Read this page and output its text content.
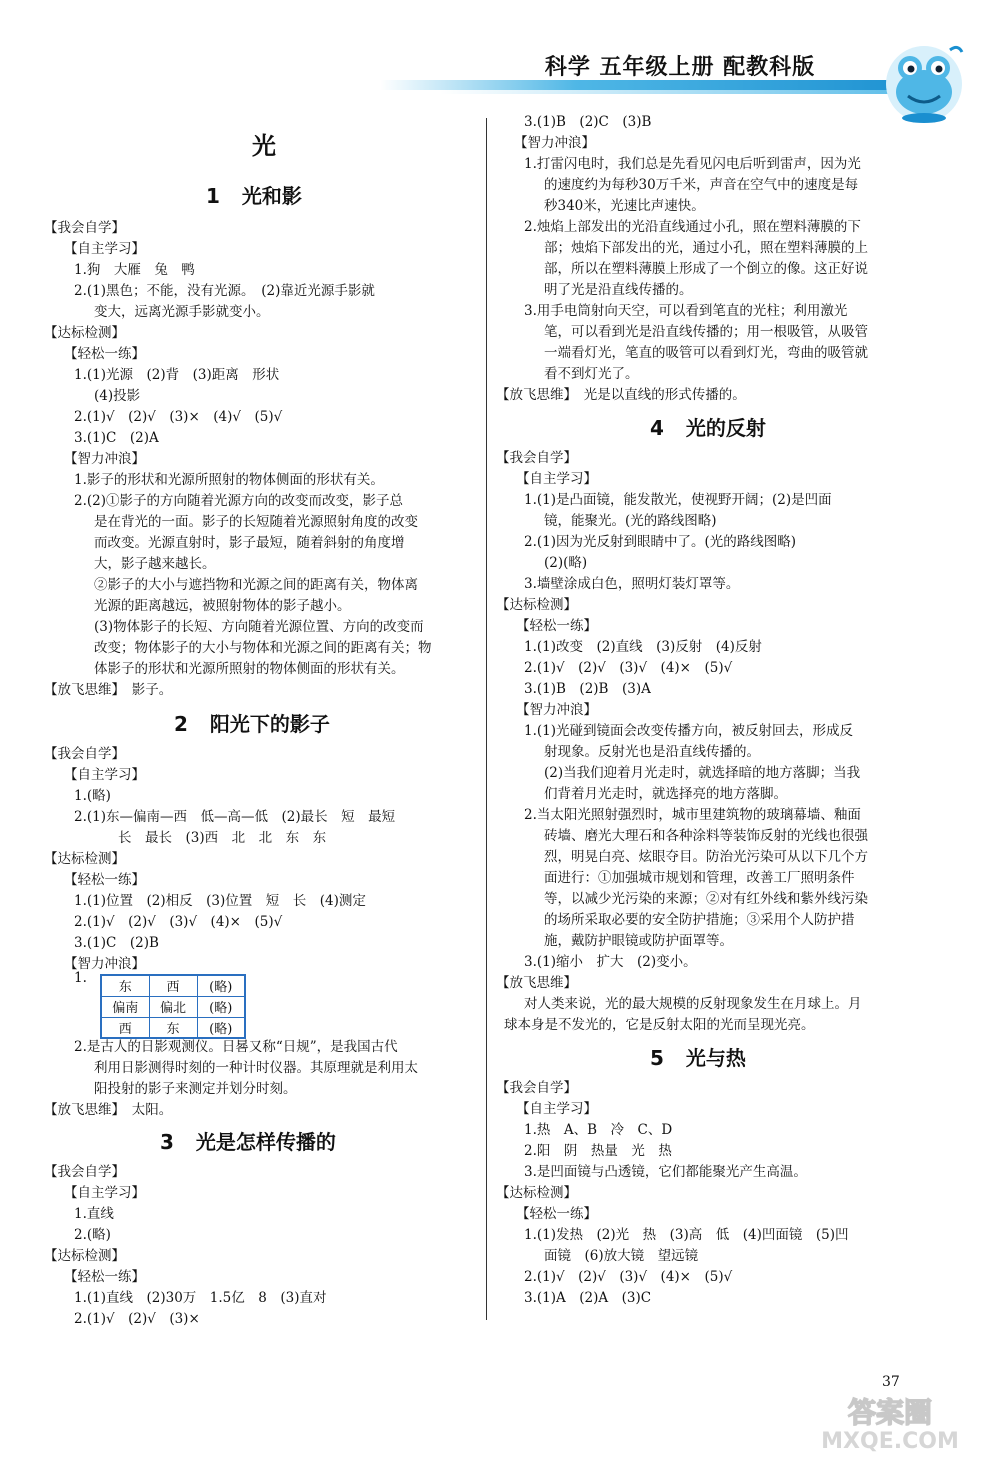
科学 五年级上册 配教科版
光
1 光和影
【我会自学】
【自主学习】
1.狗　大雁　兔　鸭
2.(1)黑色；不能，没有光源。　(2)靠近光源手影就
变大，远离光源手影就变小。
【达标检测】
【轻松一练】
1.(1)光源　(2)背　(3)距离　形状
(4)投影
2.(1)√　(2)√　(3)×　(4)√　(5)√
3.(1)C　(2)A
【智力冲浪】
1.影子的形状和光源所照射的物体侧面的形状有关。
2.(2)①影子的方向随着光源方向的改变而改变，影子总
是在背光的一面。影子的长短随着光源照射角度的改变
而改变。光源直射时，影子最短，随着斜射的角度增
大，影子越来越长。
②影子的大小与遮挡物和光源之间的距离有关，物体离
光源的距离越远，被照射物体的影子越小。
(3)物体影子的长短、方向随着光源位置、方向的改变而
改变；物体影子的大小与物体和光源之间的距离有关；物
体影子的形状和光源所照射的物体侧面的形状有关。
【放飞思维】　影子。
2 阳光下的影子
【我会自学】
【自主学习】
1.(略)
2.(1)东—偏南—西　低—高—低　(2)最长　短　最短
长　最长　(3)西　北　北　东　东
【达标检测】
【轻松一练】
1.(1)位置　(2)相反　(3)位置　短　长　(4)测定
2.(1)√　(2)√　(3)√　(4)×　(5)√
3.(1)C　(2)B
【智力冲浪】
1.
东	西	(略)
偏南	偏北	(略)
西	东	(略)
2.是古人的日影观测仪。日晷又称“日规”，是我国古代
利用日影测得时刻的一种计时仪器。其原理就是利用太
阳投射的影子来测定并划分时刻。
【放飞思维】　太阳。
3 光是怎样传播的
【我会自学】
【自主学习】
1.直线
2.(略)
【达标检测】
【轻松一练】
1.(1)直线　(2)30万　1.5亿　8　(3)直对
2.(1)√　(2)√　(3)×
3.(1)B　(2)C　(3)B
【智力冲浪】
1.打雷闪电时，我们总是先看见闪电后听到雷声，因为光
的速度约为每秒30万千米，声音在空气中的速度是每
秒340米，光速比声速快。
2.烛焰上部发出的光沿直线通过小孔，照在塑料薄膜的下
部；烛焰下部发出的光，通过小孔，照在塑料薄膜的上
部，所以在塑料薄膜上形成了一个倒立的像。这正好说
明了光是沿直线传播的。
3.用手电筒射向天空，可以看到笔直的光柱；利用激光
笔，可以看到光是沿直线传播的；用一根吸管，从吸管
一端看灯光，笔直的吸管可以看到灯光，弯曲的吸管就
看不到灯光了。
【放飞思维】　光是以直线的形式传播的。
4 光的反射
【我会自学】
【自主学习】
1.(1)是凸面镜，能发散光，使视野开阔；(2)是凹面
镜，能聚光。(光的路线图略)
2.(1)因为光反射到眼睛中了。(光的路线图略)
(2)(略)
3.墙壁涂成白色，照明灯装灯罩等。
【达标检测】
【轻松一练】
1.(1)改变　(2)直线　(3)反射　(4)反射
2.(1)√　(2)√　(3)√　(4)×　(5)√
3.(1)B　(2)B　(3)A
【智力冲浪】
1.(1)光碰到镜面会改变传播方向，被反射回去，形成反
射现象。反射光也是沿直线传播的。
(2)当我们迎着月光走时，就选择暗的地方落脚；当我
们背着月光走时，就选择亮的地方落脚。
2.当太阳光照射强烈时，城市里建筑物的玻璃幕墙、釉面
砖墙、磨光大理石和各种涂料等装饰反射的光线也很强
烈，明晃白亮、炫眼夺目。防治光污染可从以下几个方
面进行：①加强城市规划和管理，改善工厂照明条件
等，以减少光污染的来源；②对有红外线和紫外线污染
的场所采取必要的安全防护措施；③采用个人防护措
施，戴防护眼镜或防护面罩等。
3.(1)缩小　扩大　(2)变小。
【放飞思维】
对人类来说，光的最大规模的反射现象发生在月球上。月
球本身是不发光的，它是反射太阳的光而呈现光亮。
5 光与热
【我会自学】
【自主学习】
1.热　A、B　冷　C、D
2.阳　阴　热量　光　热
3.是凹面镜与凸透镜，它们都能聚光产生高温。
【达标检测】
【轻松一练】
1.(1)发热　(2)光　热　(3)高　低　(4)凹面镜　(5)凹
面镜　(6)放大镜　望远镜
2.(1)√　(2)√　(3)√　(4)×　(5)√
3.(1)A　(2)A　(3)C
37
答案圈
MXQE.COM
